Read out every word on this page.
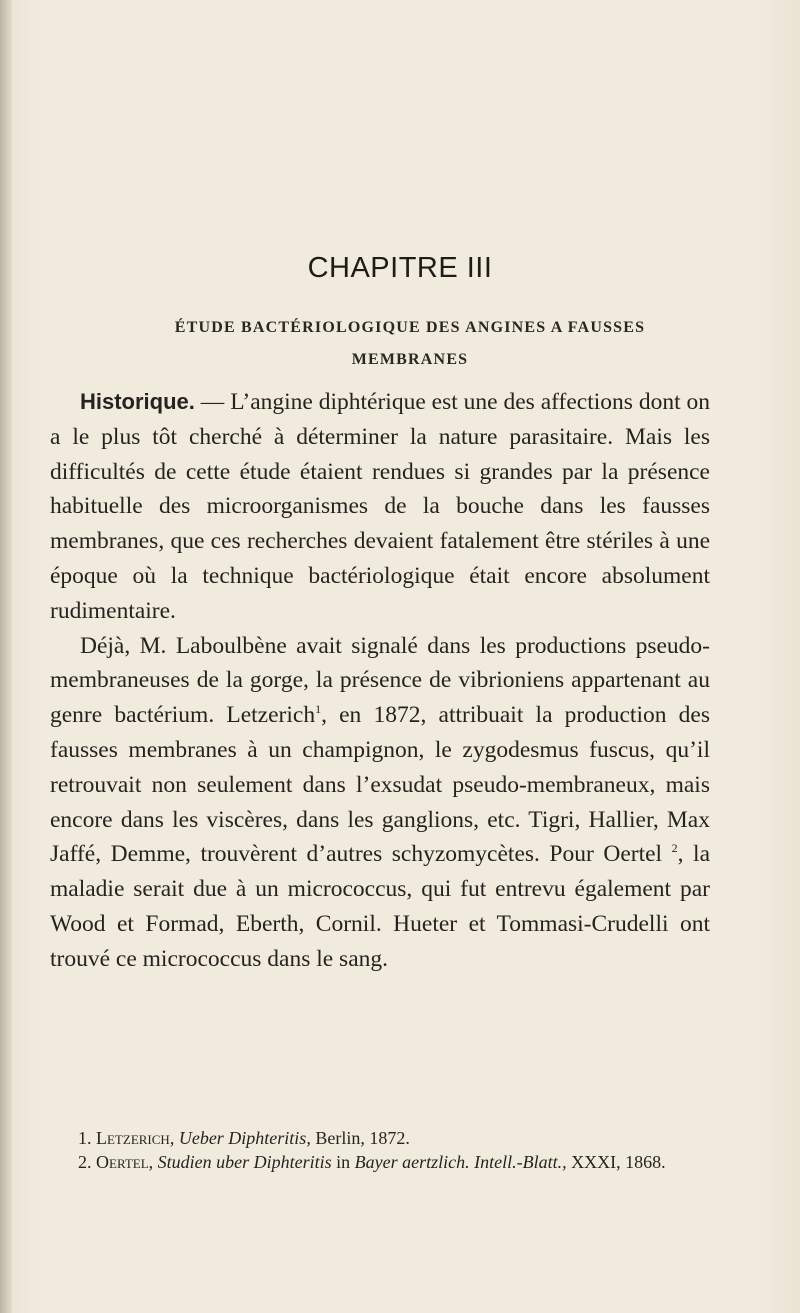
CHAPITRE III
ÉTUDE BACTÉRIOLOGIQUE DES ANGINES A FAUSSES
MEMBRANES

Historique. — L’angine diphtérique est une des affections dont on a le plus tôt cherché à déterminer la nature parasitaire. Mais les difficultés de cette étude étaient rendues si grandes par la présence habituelle des microorganismes de la bouche dans les fausses membranes, que ces recherches devaient fatalement être stériles à une époque où la technique bactériologique était encore absolument rudimentaire.

Déjà, M. Laboulbène avait signalé dans les productions pseudo-membraneuses de la gorge, la présence de vibrioniens appartenant au genre bactérium. Letzerich$^1$, en 1872, attribuait la production des fausses membranes à un champignon, le zygodesmus fuscus, qu’il retrouvait non seulement dans l’exsudat pseudo-membraneux, mais encore dans les viscères, dans les ganglions, etc. Tigri, Hallier, Max Jaffé, Demme, trouvèrent d’autres schyzomycètes. Pour Oertel $^2$, la maladie serait due à un micrococcus, qui fut entrevu également par Wood et Formad, Eberth, Cornil. Hueter et Tommasi-Crudelli ont trouvé ce micrococcus dans le sang.

1. Letzerich, Ueber Diphteritis, Berlin, 1872.

2. Oertel, Studien uber Diphteritis in Bayer aertzlich. Intell.-Blatt., XXXI, 1868.
